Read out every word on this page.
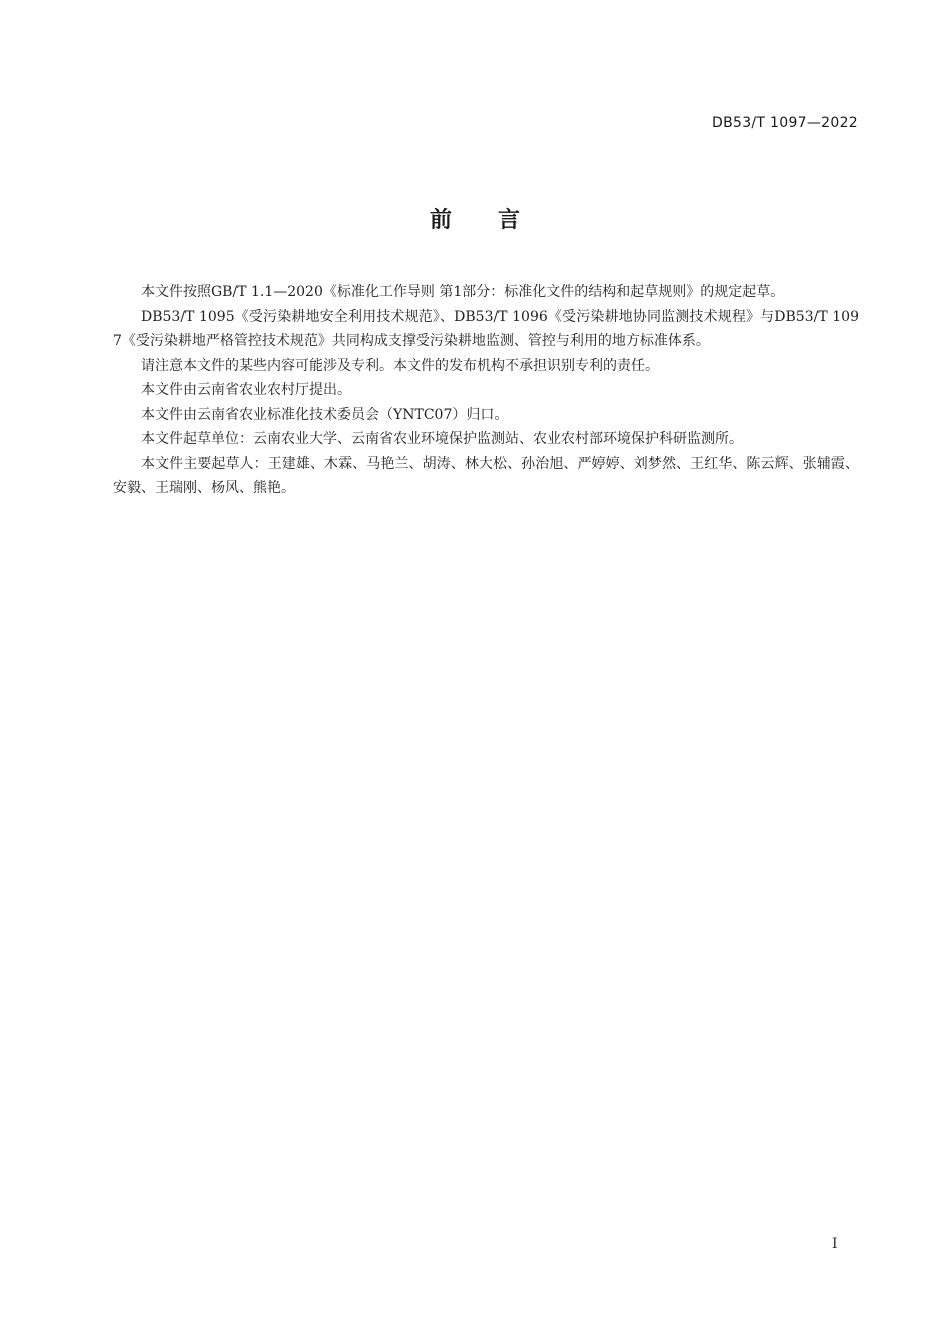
DB53/T 1097—2022
前言

本文件按照GB/T 1.1—2020《标准化工作导则 第1部分：标准化文件的结构和起草规则》的规定起草。

DB53/T 1095《受污染耕地安全利用技术规范》、DB53/T 1096《受污染耕地协同监测技术规程》与DB53/T 1097《受污染耕地严格管控技术规范》共同构成支撑受污染耕地监测、管控与利用的地方标准体系。

请注意本文件的某些内容可能涉及专利。本文件的发布机构不承担识别专利的责任。

本文件由云南省农业农村厅提出。

本文件由云南省农业标准化技术委员会（YNTC07）归口。

本文件起草单位：云南农业大学、云南省农业环境保护监测站、农业农村部环境保护科研监测所。

本文件主要起草人：王建雄、木霖、马艳兰、胡涛、林大松、孙治旭、严婷婷、刘梦然、王红华、陈云辉、张辅霞、安毅、王瑞刚、杨风、熊艳。

I
